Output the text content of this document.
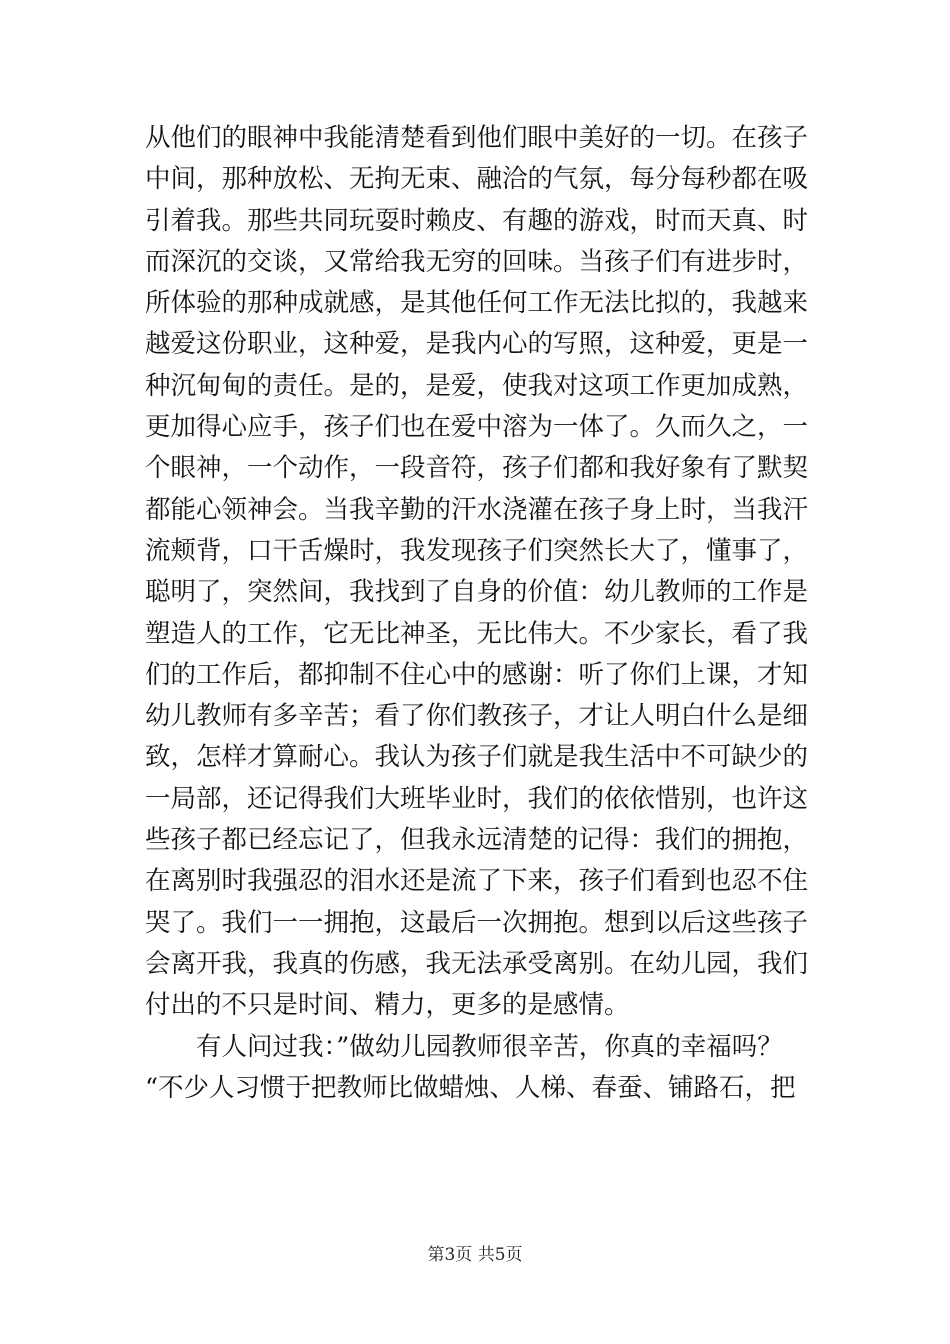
从他们的眼神中我能清楚看到他们眼中美好的一切。在孩子
中间，那种放松、无拘无束、融洽的气氛，每分每秒都在吸
引着我。那些共同玩耍时赖皮、有趣的游戏，时而天真、时
而深沉的交谈，又常给我无穷的回味。当孩子们有进步时，
所体验的那种成就感，是其他任何工作无法比拟的，我越来
越爱这份职业，这种爱，是我内心的写照，这种爱，更是一
种沉甸甸的责任。是的，是爱，使我对这项工作更加成熟，
更加得心应手，孩子们也在爱中溶为一体了。久而久之，一
个眼神，一个动作，一段音符，孩子们都和我好象有了默契
都能心领神会。当我辛勤的汗水浇灌在孩子身上时，当我汗
流颊背，口干舌燥时，我发现孩子们突然长大了，懂事了，
聪明了，突然间，我找到了自身的价值：幼儿教师的工作是
塑造人的工作，它无比神圣，无比伟大。不少家长，看了我
们的工作后，都抑制不住心中的感谢：听了你们上课，才知
幼儿教师有多辛苦；看了你们教孩子，才让人明白什么是细
致，怎样才算耐心。我认为孩子们就是我生活中不可缺少的
一局部，还记得我们大班毕业时，我们的依依惜别，也许这
些孩子都已经忘记了，但我永远清楚的记得：我们的拥抱，
在离别时我强忍的泪水还是流了下来，孩子们看到也忍不住
哭了。我们一一拥抱，这最后一次拥抱。想到以后这些孩子
会离开我，我真的伤感，我无法承受离别。在幼儿园，我们
付出的不只是时间、精力，更多的是感情。
　　有人问过我：”做幼儿园教师很辛苦，你真的幸福吗？
“不少人习惯于把教师比做蜡烛、人梯、春蚕、铺路石，把
第3页 共5页
